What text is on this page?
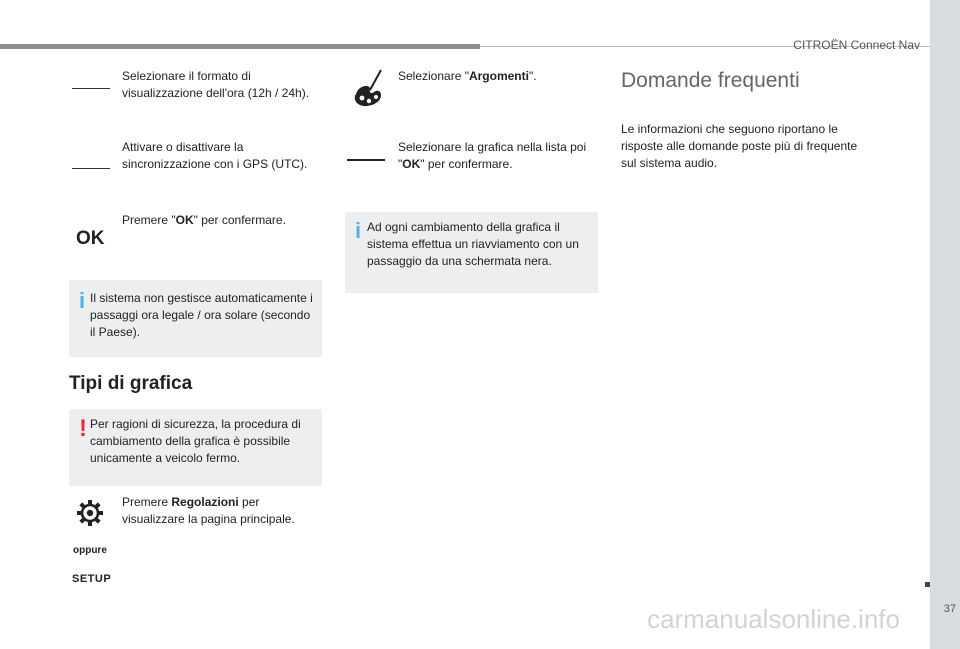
CITROËN Connect Nav
37
carmanualsonline.info
Selezionare il formato di visualizzazione dell'ora (12h / 24h).
Attivare o disattivare la sincronizzazione con i GPS (UTC).
OK
Premere "OK" per confermare.
i Il sistema non gestisce automaticamente i passaggi ora legale / ora solare (secondo il Paese).
Tipi di grafica
! Per ragioni di sicurezza, la procedura di cambiamento della grafica è possibile unicamente a veicolo fermo.
Premere Regolazioni per visualizzare la pagina principale.
oppure
SETUP
Selezionare "Argomenti".
Selezionare la grafica nella lista poi "OK" per confermare.
i Ad ogni cambiamento della grafica il sistema effettua un riavviamento con un passaggio da una schermata nera.
Domande frequenti
Le informazioni che seguono riportano le risposte alle domande poste più di frequente sul sistema audio.
